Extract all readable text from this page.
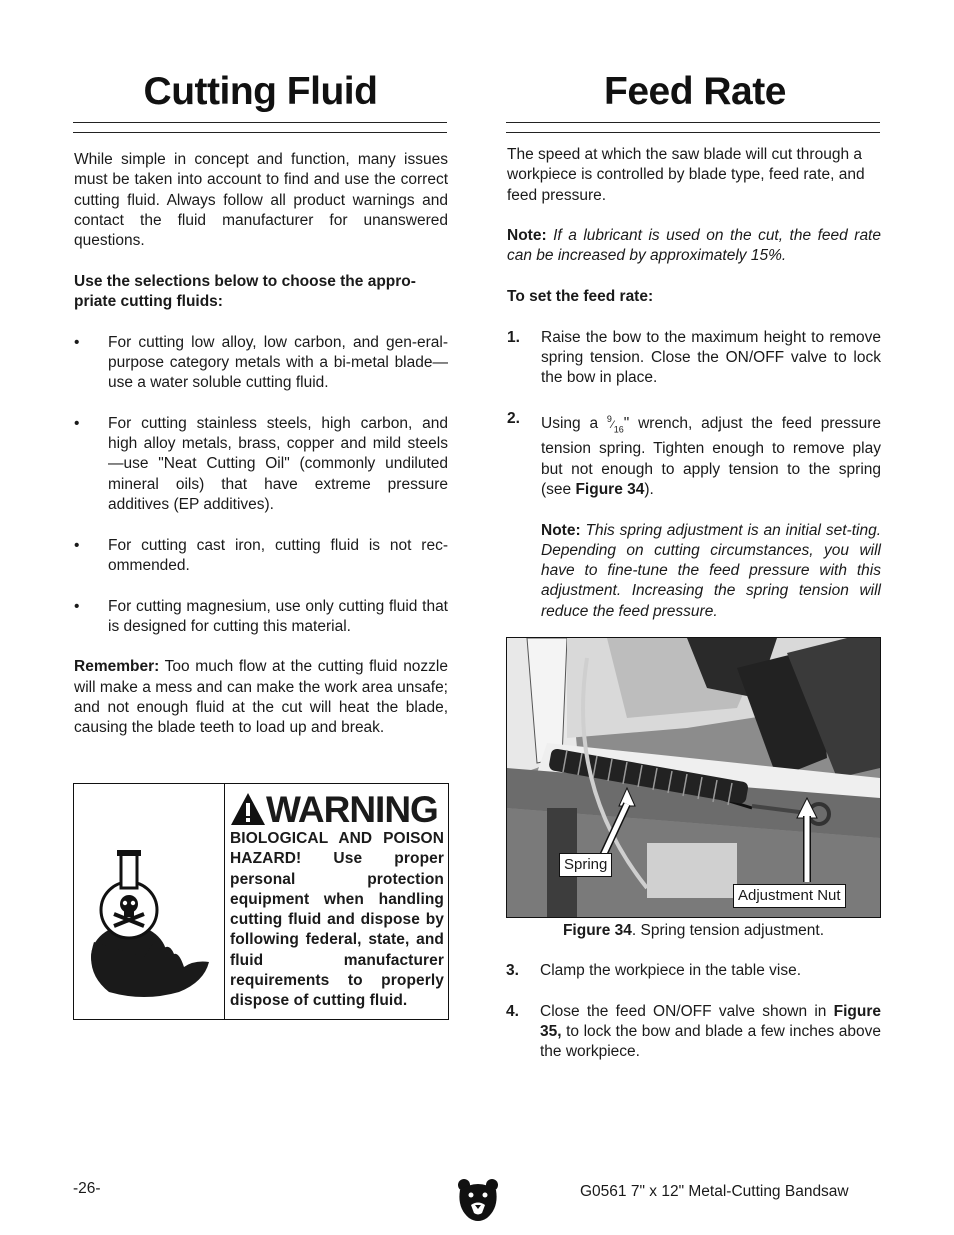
Cutting Fluid

While simple in concept and function, many issues must be taken into account to find and use the correct cutting fluid. Always follow all product warnings and contact the fluid manufacturer for unanswered questions.

Use the selections below to choose the appro-priate cutting fluids:

• For cutting low alloy, low carbon, and gen-eral-purpose category metals with a bi-metal blade—use a water soluble cutting fluid.
• For cutting stainless steels, high carbon, and high alloy metals, brass, copper and mild steels—use "Neat Cutting Oil" (commonly undiluted mineral oils) that have extreme pressure additives (EP additives).
• For cutting cast iron, cutting fluid is not rec-ommended.
• For cutting magnesium, use only cutting fluid that is designed for cutting this material.

Remember: Too much flow at the cutting fluid nozzle will make a mess and can make the work area unsafe; and not enough fluid at the cut will heat the blade, causing the blade teeth to load up and break.

WARNING
BIOLOGICAL AND POISON HAZARD! Use proper personal protection equipment when handling cutting fluid and dispose by following federal, state, and fluid manufacturer requirements to properly dispose of cutting fluid.
Feed Rate

The speed at which the saw blade will cut through a workpiece is controlled by blade type, feed rate, and feed pressure.

Note: If a lubricant is used on the cut, the feed rate can be increased by approximately 15%.

To set the feed rate:

1. Raise the bow to the maximum height to remove spring tension. Close the ON/OFF valve to lock the bow in place.
2. Using a $^9⁄_{16}$" wrench, adjust the feed pressure tension spring. Tighten enough to remove play but not enough to apply tension to the spring (see Figure 34).
Note: This spring adjustment is an initial set-ting. Depending on cutting circumstances, you will have to fine-tune the feed pressure with this adjustment. Increasing the spring tension will reduce the feed pressure.
Spring
Adjustment Nut
Figure 34. Spring tension adjustment.
3. Clamp the workpiece in the table vise.
4. Close the feed ON/OFF valve shown in Figure 35, to lock the bow and blade a few inches above the workpiece.
-26-	G0561 7" x 12" Metal-Cutting Bandsaw
